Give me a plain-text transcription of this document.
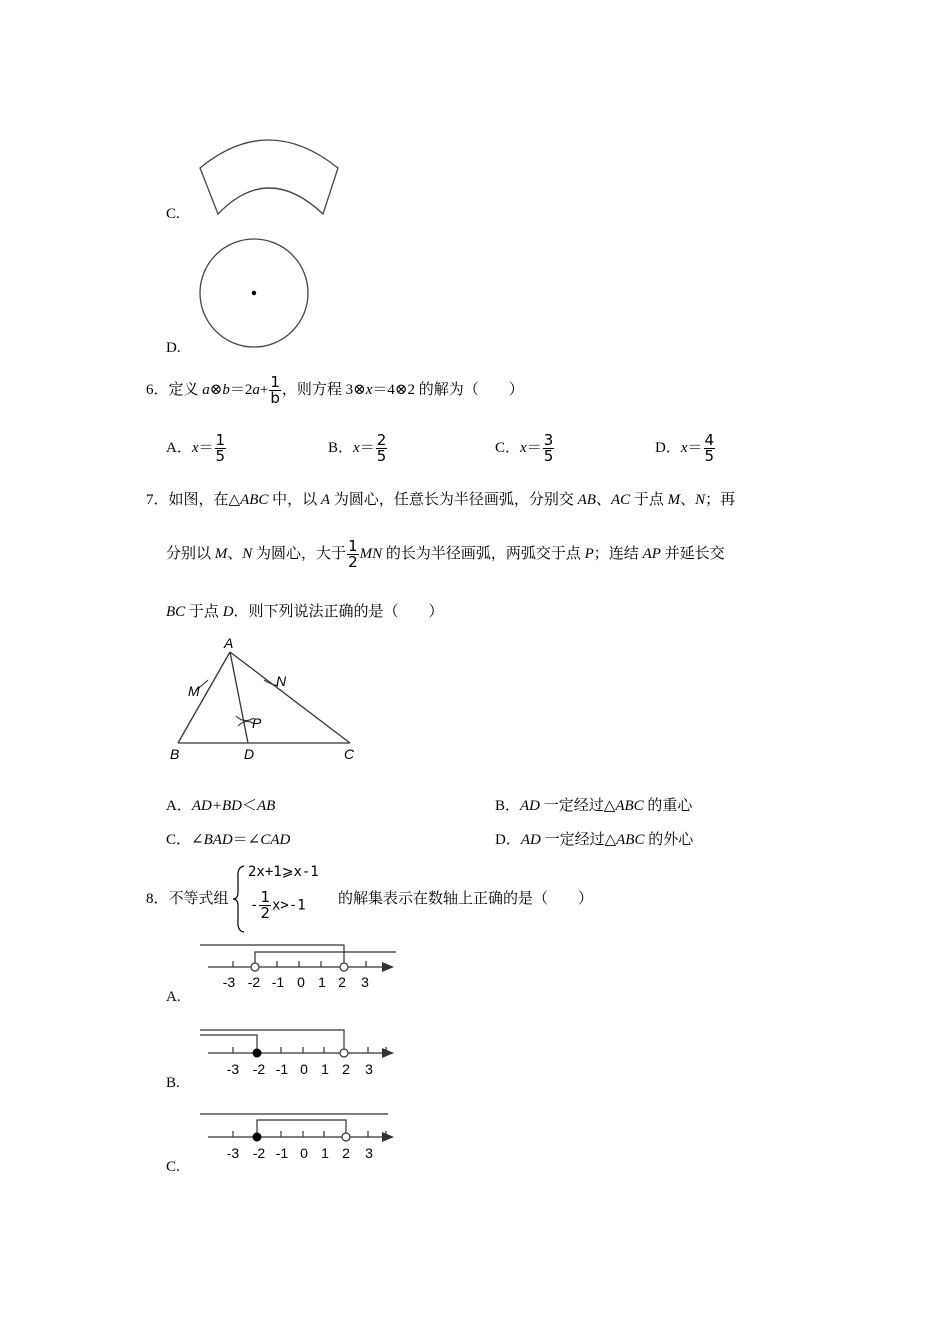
C.
D.
6．定义 a⊗b＝2a+ $\frac{1}{b}$ ，则方程 3⊗x＝4⊗2 的解为（　　）
A．$x= \frac{1}{5}$	B．$x= \frac{2}{5}$	C．$x= \frac{3}{5}$	D．$x= \frac{4}{5}$
7．如图，在△ABC 中，以 A 为圆心，任意长为半径画弧，分别交 AB、AC 于点 M、N；再
分别以 M、N 为圆心，大于 $\frac{1}{2}$ MN 的长为半径画弧，两弧交于点 P；连结 AP 并延长交
BC 于点 D．则下列说法正确的是（　　）
A
M
N
P
B	D	C
A．AD+BD＜AB	B．AD 一定经过△ABC 的重心
C．∠BAD＝∠CAD	D．AD 一定经过△ABC 的外心
8．不等式组
2x+1⩾x-1
- $\frac{1}{2} x>-1$ 的解集表示在数轴上正确的是（　　）
-3 -2 -1 0 1 2 3
A.
-3 -2 -1 0 1 2 3
B.
-3 -2 -1 0 1 2 3
C.
